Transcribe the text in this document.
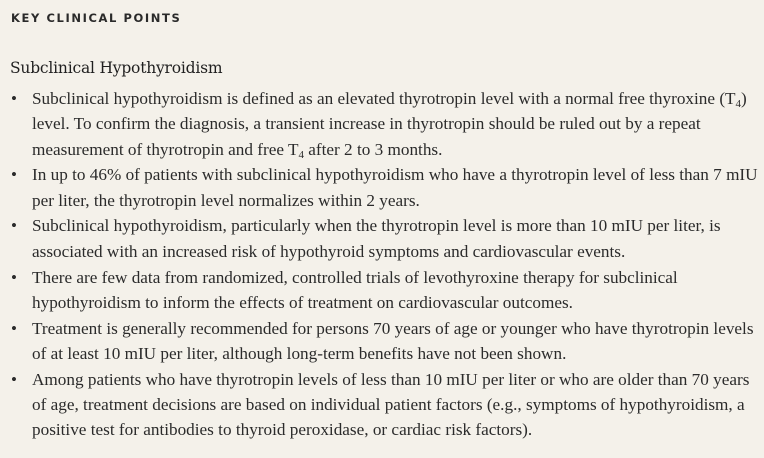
KEY CLINICAL POINTS
Subclinical Hypothyroidism
• Subclinical hypothyroidism is defined as an elevated thyrotropin level with a normal free thyroxine $(T_4)$ level. To confirm the diagnosis, a transient increase in thyrotropin should be ruled out by a repeat measurement of thyrotropin and free $T_4$ after 2 to 3 months.
• In up to 46% of patients with subclinical hypothyroidism who have a thyrotropin level of less than 7 mIU per liter, the thyrotropin level normalizes within 2 years.
• Subclinical hypothyroidism, particularly when the thyrotropin level is more than 10 mIU per liter, is associated with an increased risk of hypothyroid symptoms and cardiovascular events.
• There are few data from randomized, controlled trials of levothyroxine therapy for subclinical hypothyroidism to inform the effects of treatment on cardiovascular outcomes.
• Treatment is generally recommended for persons 70 years of age or younger who have thyrotropin levels of at least 10 mIU per liter, although long-term benefits have not been shown.
• Among patients who have thyrotropin levels of less than 10 mIU per liter or who are older than 70 years of age, treatment decisions are based on individual patient factors (e.g., symptoms of hypothyroidism, a positive test for antibodies to thyroid peroxidase, or cardiac risk factors).
